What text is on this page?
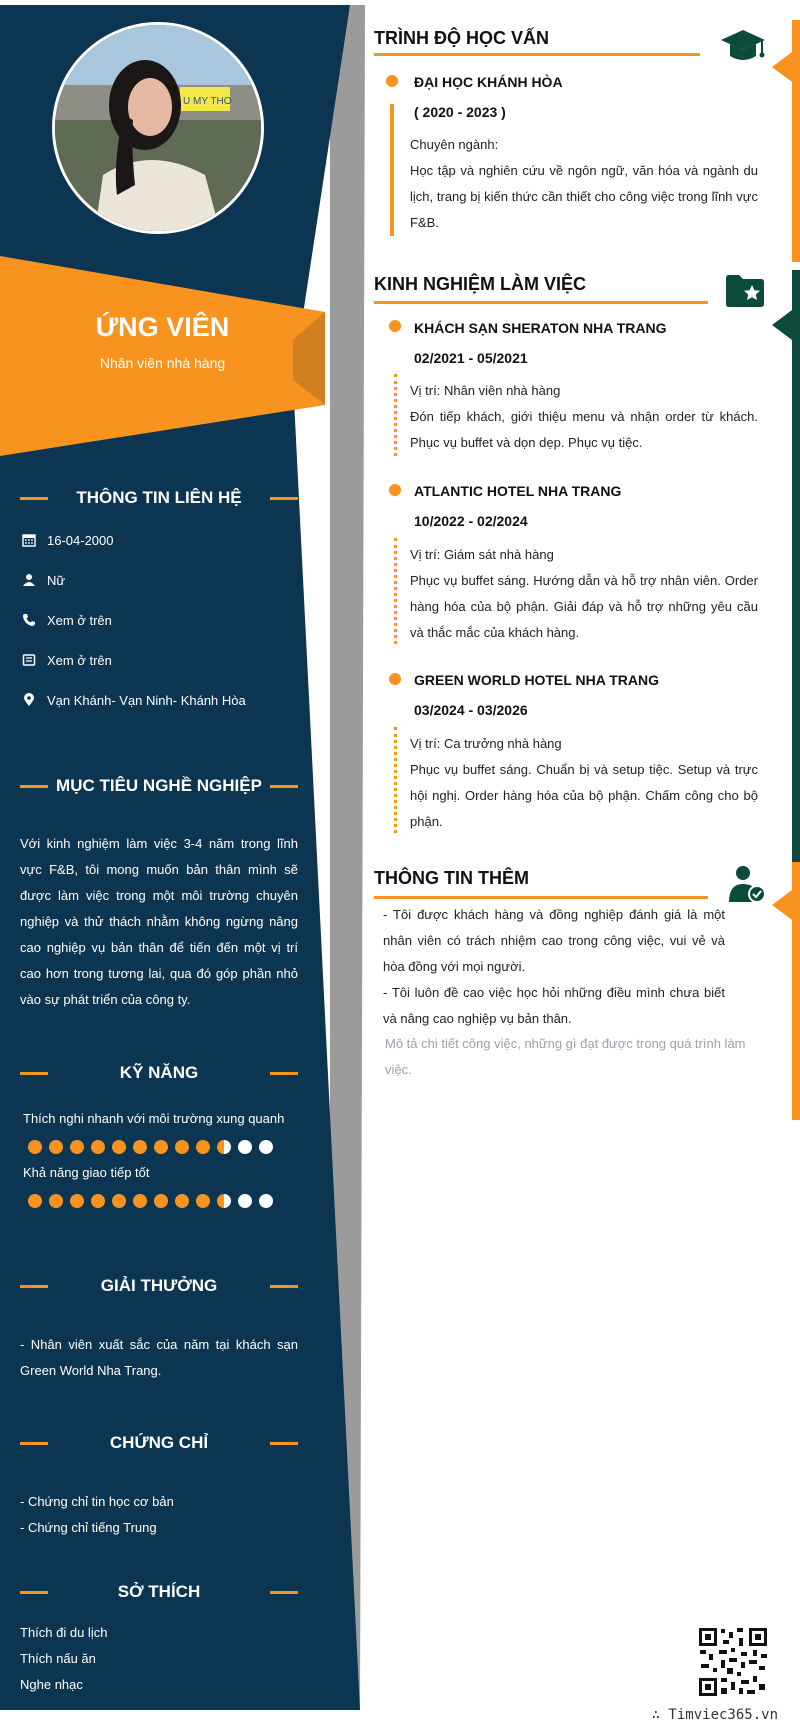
U MY THO
ỨNG VIÊN
Nhân viên nhà hàng
THÔNG TIN LIÊN HỆ
16-04-2000
Nữ
Xem ở trên
Xem ở trên
Vạn Khánh- Vạn Ninh- Khánh Hòa
MỤC TIÊU NGHỀ NGHIỆP
Với kinh nghiệm làm việc 3-4 năm trong lĩnh vực F&B, tôi mong muốn bản thân mình sẽ được làm việc trong một môi trường chuyên nghiệp và thử thách nhằm không ngừng nâng cao nghiệp vụ bản thân để tiến đến một vị trí cao hơn trong tương lai, qua đó góp phần nhỏ vào sự phát triển của công ty.
KỸ NĂNG
Thích nghi nhanh với môi trường xung quanh
Khả năng giao tiếp tốt
GIẢI THƯỞNG
- Nhân viên xuất sắc của năm tại khách sạn Green World Nha Trang.
CHỨNG CHỈ
- Chứng chỉ tin học cơ bản
- Chứng chỉ tiếng Trung
SỞ THÍCH
Thích đi du lịch
Thích nấu ăn
Nghe nhạc
TRÌNH ĐỘ HỌC VẤN
ĐẠI HỌC KHÁNH HÒA
( 2020 - 2023 )
Chuyên ngành:
Học tập và nghiên cứu về ngôn ngữ, văn hóa và ngành du lịch, trang bị kiến thức cần thiết cho công việc trong lĩnh vực F&B.
KINH NGHIỆM LÀM VIỆC
KHÁCH SẠN SHERATON NHA TRANG
02/2021 - 05/2021
Vị trí: Nhân viên nhà hàng
Đón tiếp khách, giới thiệu menu và nhận order từ khách. Phục vụ buffet và dọn dẹp. Phục vụ tiệc.
ATLANTIC HOTEL NHA TRANG
10/2022 - 02/2024
Vị trí: Giám sát nhà hàng
Phục vụ buffet sáng. Hướng dẫn và hỗ trợ nhân viên. Order hàng hóa của bộ phận. Giải đáp và hỗ trợ những yêu cầu và thắc mắc của khách hàng.
GREEN WORLD HOTEL NHA TRANG
03/2024 - 03/2026
Vị trí: Ca trưởng nhà hàng
Phục vụ buffet sáng. Chuẩn bị và setup tiệc. Setup và trực hội nghị. Order hàng hóa của bộ phận. Chấm công cho bộ phận.
THÔNG TIN THÊM
- Tôi được khách hàng và đồng nghiệp đánh giá là một nhân viên có trách nhiệm cao trong công việc, vui vẻ và hòa đồng với mọi người.
- Tôi luôn đề cao việc học hỏi những điều mình chưa biết và nâng cao nghiệp vụ bản thân.
Mô tả chi tiết công việc, những gì đạt được trong quá trình làm việc.
∴ Timviec365.vn
